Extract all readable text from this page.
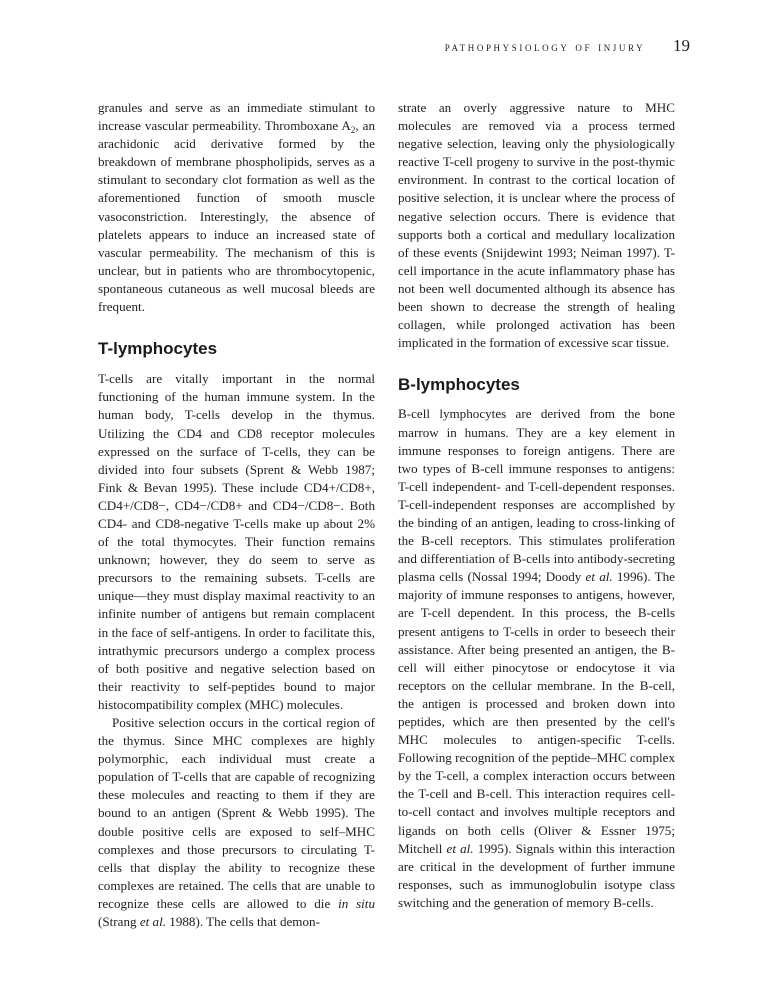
pathophysiology of injury 19

granules and serve as an immediate stimulant to increase vascular permeability. Thromboxane $A_2$, an arachidonic acid derivative formed by the breakdown of membrane phospholipids, serves as a stimulant to secondary clot formation as well as the aforementioned function of smooth muscle vasoconstriction. Interestingly, the absence of platelets appears to induce an increased state of vascular permeability. The mechanism of this is unclear, but in patients who are thrombocytopenic, spontaneous cutaneous as well mucosal bleeds are frequent.

T-lymphocytes

T-cells are vitally important in the normal functioning of the human immune system. In the human body, T-cells develop in the thymus. Utilizing the CD4 and CD8 receptor molecules expressed on the surface of T-cells, they can be divided into four subsets (Sprent & Webb 1987; Fink & Bevan 1995). These include CD4+/CD8+, CD4+/CD8−, CD4−/CD8+ and CD4−/CD8−. Both CD4- and CD8-negative T-cells make up about 2% of the total thymocytes. Their function remains unknown; however, they do seem to serve as precursors to the remaining subsets. T-cells are unique—they must display maximal reactivity to an infinite number of antigens but remain complacent in the face of self-antigens. In order to facilitate this, intrathymic precursors undergo a complex process of both positive and negative selection based on their reactivity to self-peptides bound to major histocompatibility complex (MHC) molecules.

Positive selection occurs in the cortical region of the thymus. Since MHC complexes are highly polymorphic, each individual must create a population of T-cells that are capable of recognizing these molecules and reacting to them if they are bound to an antigen (Sprent & Webb 1995). The double positive cells are exposed to self–MHC complexes and those precursors to circulating T-cells that display the ability to recognize these complexes are retained. The cells that are unable to recognize these cells are allowed to die in situ (Strang et al. 1988). The cells that demon-

strate an overly aggressive nature to MHC molecules are removed via a process termed negative selection, leaving only the physiologically reactive T-cell progeny to survive in the post-thymic environment. In contrast to the cortical location of positive selection, it is unclear where the process of negative selection occurs. There is evidence that supports both a cortical and medullary localization of these events (Snijdewint 1993; Neiman 1997). T-cell importance in the acute inflammatory phase has not been well documented although its absence has been shown to decrease the strength of healing collagen, while prolonged activation has been implicated in the formation of excessive scar tissue.

B-lymphocytes

B-cell lymphocytes are derived from the bone marrow in humans. They are a key element in immune responses to foreign antigens. There are two types of B-cell immune responses to antigens: T-cell independent- and T-cell-dependent responses. T-cell-independent responses are accomplished by the binding of an antigen, leading to cross-linking of the B-cell receptors. This stimulates proliferation and differentiation of B-cells into antibody-secreting plasma cells (Nossal 1994; Doody et al. 1996). The majority of immune responses to antigens, however, are T-cell dependent. In this process, the B-cells present antigens to T-cells in order to beseech their assistance. After being presented an antigen, the B-cell will either pinocytose or endocytose it via receptors on the cellular membrane. In the B-cell, the antigen is processed and broken down into peptides, which are then presented by the cell's MHC molecules to antigen-specific T-cells. Following recognition of the peptide–MHC complex by the T-cell, a complex interaction occurs between the T-cell and B-cell. This interaction requires cell-to-cell contact and involves multiple receptors and ligands on both cells (Oliver & Essner 1975; Mitchell et al. 1995). Signals within this interaction are critical in the development of further immune responses, such as immunoglobulin isotype class switching and the generation of memory B-cells.
